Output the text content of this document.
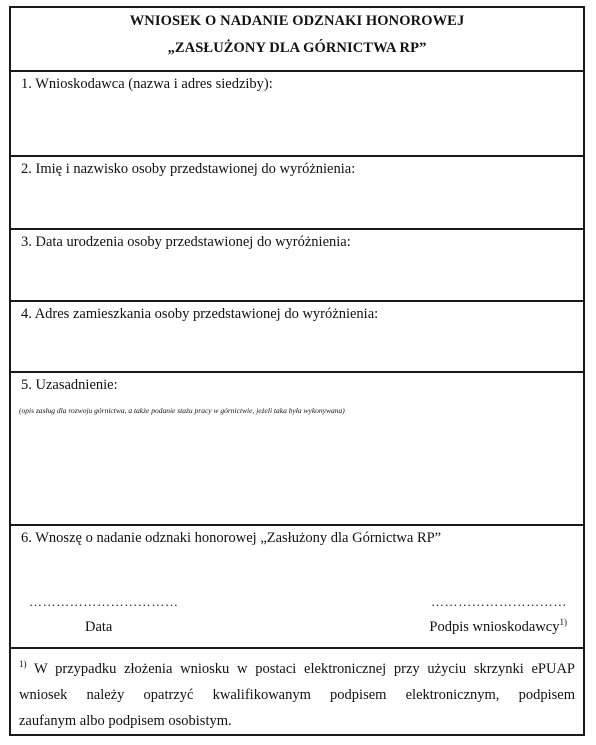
WNIOSEK O NADANIE ODZNAKI HONOROWEJ
„ZASŁUŻONY DLA GÓRNICTWA RP”
1. Wnioskodawca (nazwa i adres siedziby):
2. Imię i nazwisko osoby przedstawionej do wyróżnienia:
3. Data urodzenia osoby przedstawionej do wyróżnienia:
4. Adres zamieszkania osoby przedstawionej do wyróżnienia:
5. Uzasadnienie:
(opis zasług dla rozwoju górnictwa, a także podanie stażu pracy w górnictwie, jeżeli taka była wykonywana)
6. Wnoszę o nadanie odznaki honorowej „Zasłużony dla Górnictwa RP”
……………………………	…………………………
Data	Podpis wnioskodawcy$^{1)}$
$^{1)}$ W przypadku złożenia wniosku w postaci elektronicznej przy użyciu skrzynki ePUAP
wniosek należy opatrzyć kwalifikowanym podpisem elektronicznym, podpisem
zaufanym albo podpisem osobistym.
